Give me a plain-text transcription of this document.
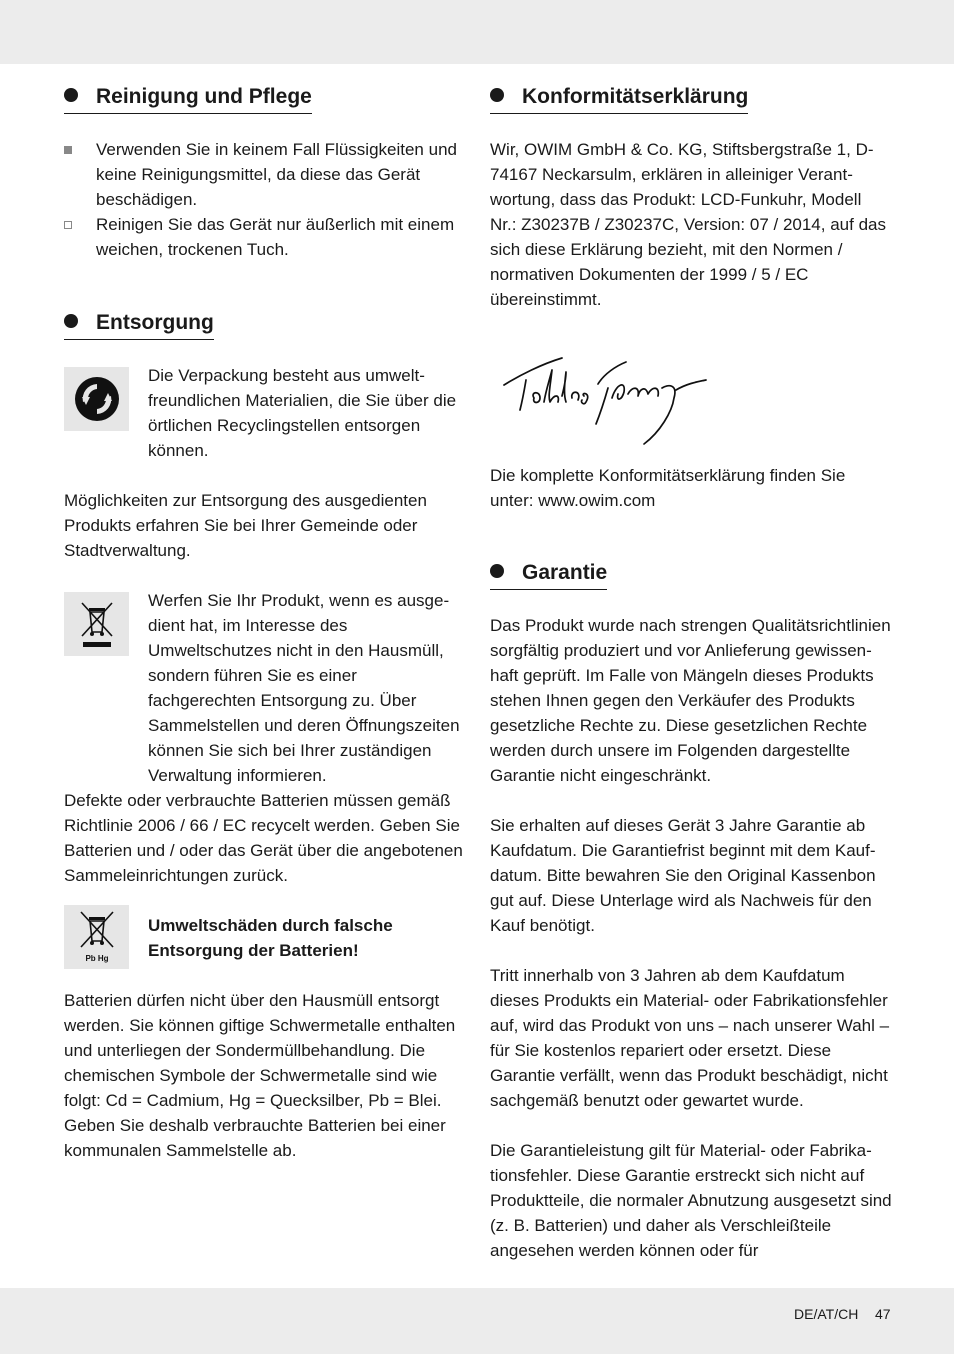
Reinigung und Pflege

Verwenden Sie in keinem Fall Flüssigkeiten und keine Reinigungsmittel, da diese das Gerät beschädigen.

Reinigen Sie das Gerät nur äußerlich mit einem weichen, trockenen Tuch.

Entsorgung

Die Verpackung besteht aus umweltfreundlichen Materialien, die Sie über die örtlichen Recyclingstellen entsorgen können.

Möglichkeiten zur Entsorgung des ausgedienten Produkts erfahren Sie bei Ihrer Gemeinde oder Stadtverwaltung.

Werfen Sie Ihr Produkt, wenn es ausgedient hat, im Interesse des Umweltschutzes nicht in den Hausmüll, sondern führen Sie es einer fachgerechten Entsorgung zu. Über Sammelstellen und deren Öffnungszeiten können Sie sich bei Ihrer zuständigen Verwaltung informieren.

Defekte oder verbrauchte Batterien müssen gemäß Richtlinie 2006 / 66 / EC recycelt werden. Geben Sie Batterien und / oder das Gerät über die angebotenen Sammeleinrichtungen zurück.

Pb Hg

Umweltschäden durch falsche Entsorgung der Batterien!

Batterien dürfen nicht über den Hausmüll entsorgt werden. Sie können giftige Schwermetalle enthalten und unterliegen der Sondermüllbehandlung. Die chemischen Symbole der Schwermetalle sind wie folgt: Cd = Cadmium, Hg = Quecksilber, Pb = Blei. Geben Sie deshalb verbrauchte Batterien bei einer kommunalen Sammelstelle ab.

Konformitätserklärung

Wir, OWIM GmbH & Co. KG, Stiftsbergstraße 1, D-74167 Neckarsulm, erklären in alleiniger Verantwortung, dass das Produkt: LCD-Funkuhr, Modell Nr.: Z30237B / Z30237C, Version: 07 / 2014, auf das sich diese Erklärung bezieht, mit den Normen / normativen Dokumenten der 1999 / 5 / EC übereinstimmt.

Die komplette Konformitätserklärung finden Sie unter: www.owim.com

Garantie

Das Produkt wurde nach strengen Qualitätsrichtlinien sorgfältig produziert und vor Anlieferung gewissenhaft geprüft. Im Falle von Mängeln dieses Produkts stehen Ihnen gegen den Verkäufer des Produkts gesetzliche Rechte zu. Diese gesetzlichen Rechte werden durch unsere im Folgenden dargestellte Garantie nicht eingeschränkt.

Sie erhalten auf dieses Gerät 3 Jahre Garantie ab Kaufdatum. Die Garantiefrist beginnt mit dem Kaufdatum. Bitte bewahren Sie den Original Kassenbon gut auf. Diese Unterlage wird als Nachweis für den Kauf benötigt.

Tritt innerhalb von 3 Jahren ab dem Kaufdatum dieses Produkts ein Material- oder Fabrikationsfehler auf, wird das Produkt von uns – nach unserer Wahl – für Sie kostenlos repariert oder ersetzt. Diese Garantie verfällt, wenn das Produkt beschädigt, nicht sachgemäß benutzt oder gewartet wurde.

Die Garantieleistung gilt für Material- oder Fabrikationsfehler. Diese Garantie erstreckt sich nicht auf Produktteile, die normaler Abnutzung ausgesetzt sind (z. B. Batterien) und daher als Verschleißteile angesehen werden können oder für

DE/AT/CH 47
